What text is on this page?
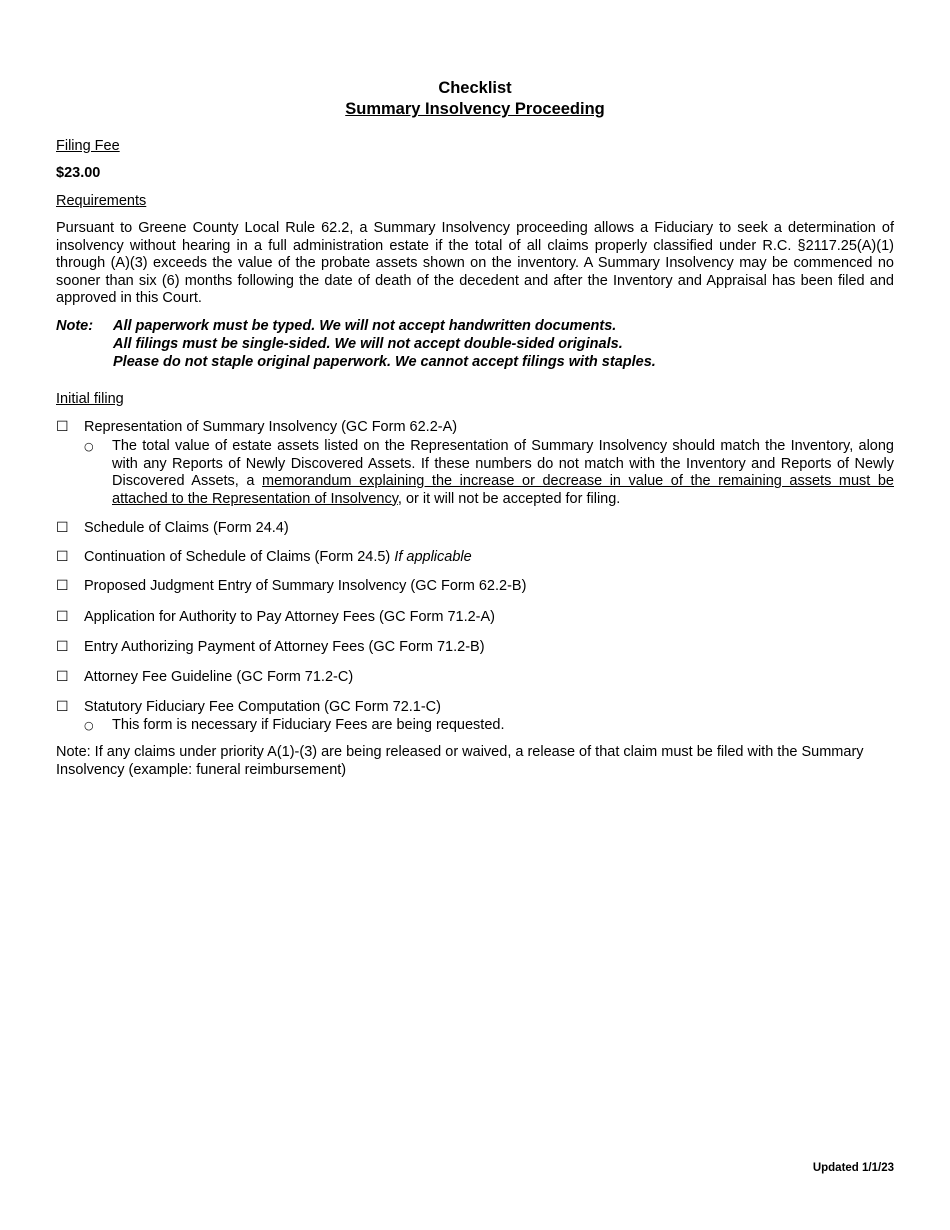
Checklist
Summary Insolvency Proceeding
Filing Fee
$23.00
Requirements
Pursuant to Greene County Local Rule 62.2, a Summary Insolvency proceeding allows a Fiduciary to seek a determination of insolvency without hearing in a full administration estate if the total of all claims properly classified under R.C. §2117.25(A)(1) through (A)(3) exceeds the value of the probate assets shown on the inventory. A Summary Insolvency may be commenced no sooner than six (6) months following the date of death of the decedent and after the Inventory and Appraisal has been filed and approved in this Court.
Note: All paperwork must be typed. We will not accept handwritten documents.
All filings must be single-sided. We will not accept double-sided originals.
Please do not staple original paperwork. We cannot accept filings with staples.
Initial filing
☐ Representation of Summary Insolvency (GC Form 62.2-A)
○ The total value of estate assets listed on the Representation of Summary Insolvency should match the Inventory, along with any Reports of Newly Discovered Assets. If these numbers do not match with the Inventory and Reports of Newly Discovered Assets, a memorandum explaining the increase or decrease in value of the remaining assets must be attached to the Representation of Insolvency, or it will not be accepted for filing.
☐ Schedule of Claims (Form 24.4)
☐ Continuation of Schedule of Claims (Form 24.5) If applicable
☐ Proposed Judgment Entry of Summary Insolvency (GC Form 62.2-B)
☐ Application for Authority to Pay Attorney Fees (GC Form 71.2-A)
☐ Entry Authorizing Payment of Attorney Fees (GC Form 71.2-B)
☐ Attorney Fee Guideline (GC Form 71.2-C)
☐ Statutory Fiduciary Fee Computation (GC Form 72.1-C)
○ This form is necessary if Fiduciary Fees are being requested.
Note: If any claims under priority A(1)-(3) are being released or waived, a release of that claim must be filed with the Summary Insolvency (example: funeral reimbursement)
Updated 1/1/23
